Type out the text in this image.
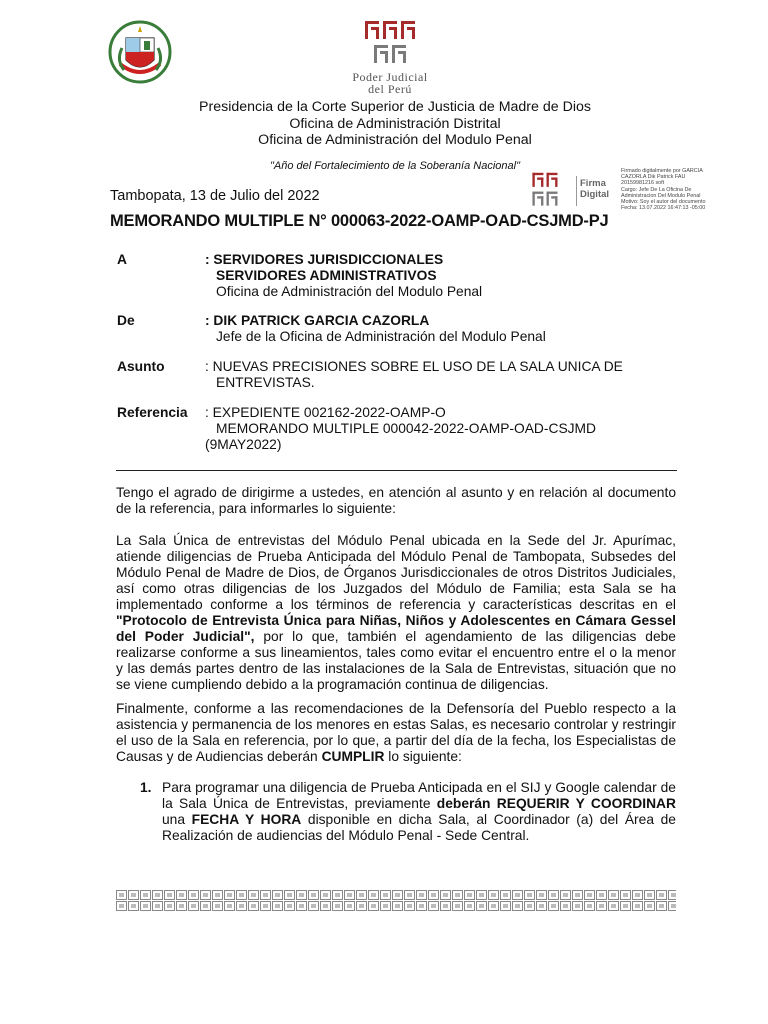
Poder Judicial
del Perú
Presidencia de la Corte Superior de Justicia de Madre de Dios
Oficina de Administración Distrital
Oficina de Administración del Modulo Penal
"Año del Fortalecimiento de la Soberanía Nacional"
Tambopata, 13 de Julio del 2022
Firma
Digital
Firmado digitalmente por GARCIA
CAZORLA Dik Patrick FAU
20159981216 soft
Cargo: Jefe De La Oficina De
Administracion Del Modulo Penal
Motivo: Soy el autor del documento
Fecha: 13.07.2022 16:47:13 -05:00
MEMORANDO MULTIPLE N° 000063-2022-OAMP-OAD-CSJMD-PJ
A	: SERVIDORES JURISDICCIONALES
SERVIDORES ADMINISTRATIVOS
Oficina de Administración del Modulo Penal
De	: DIK PATRICK GARCIA CAZORLA
Jefe de la Oficina de Administración del Modulo Penal
Asunto	: NUEVAS PRECISIONES SOBRE EL USO DE LA SALA UNICA DE
ENTREVISTAS.
Referencia : EXPEDIENTE 002162-2022-OAMP-O
MEMORANDO MULTIPLE 000042-2022-OAMP-OAD-CSJMD
(9MAY2022)
Tengo el agrado de dirigirme a ustedes, en atención al asunto y en relación al documento de la referencia, para informarles lo siguiente:
La Sala Única de entrevistas del Módulo Penal ubicada en la Sede del Jr. Apurímac, atiende diligencias de Prueba Anticipada del Módulo Penal de Tambopata, Subsedes del Módulo Penal de Madre de Dios, de Órganos Jurisdiccionales de otros Distritos Judiciales, así como otras diligencias de los Juzgados del Módulo de Familia; esta Sala se ha implementado conforme a los términos de referencia y características descritas en el "Protocolo de Entrevista Única para Niñas, Niños y Adolescentes en Cámara Gessel del Poder Judicial", por lo que, también el agendamiento de las diligencias debe realizarse conforme a sus lineamientos, tales como evitar el encuentro entre el o la menor y las demás partes dentro de las instalaciones de la Sala de Entrevistas, situación que no se viene cumpliendo debido a la programación continua de diligencias.
Finalmente, conforme a las recomendaciones de la Defensoría del Pueblo respecto a la asistencia y permanencia de los menores en estas Salas, es necesario controlar y restringir el uso de la Sala en referencia, por lo que, a partir del día de la fecha, los Especialistas de Causas y de Audiencias deberán CUMPLIR lo siguiente:
1. Para programar una diligencia de Prueba Anticipada en el SIJ y Google calendar de la Sala Única de Entrevistas, previamente deberán REQUERIR Y COORDINAR una FECHA Y HORA disponible en dicha Sala, al Coordinador (a) del Área de Realización de audiencias del Módulo Penal - Sede Central.
